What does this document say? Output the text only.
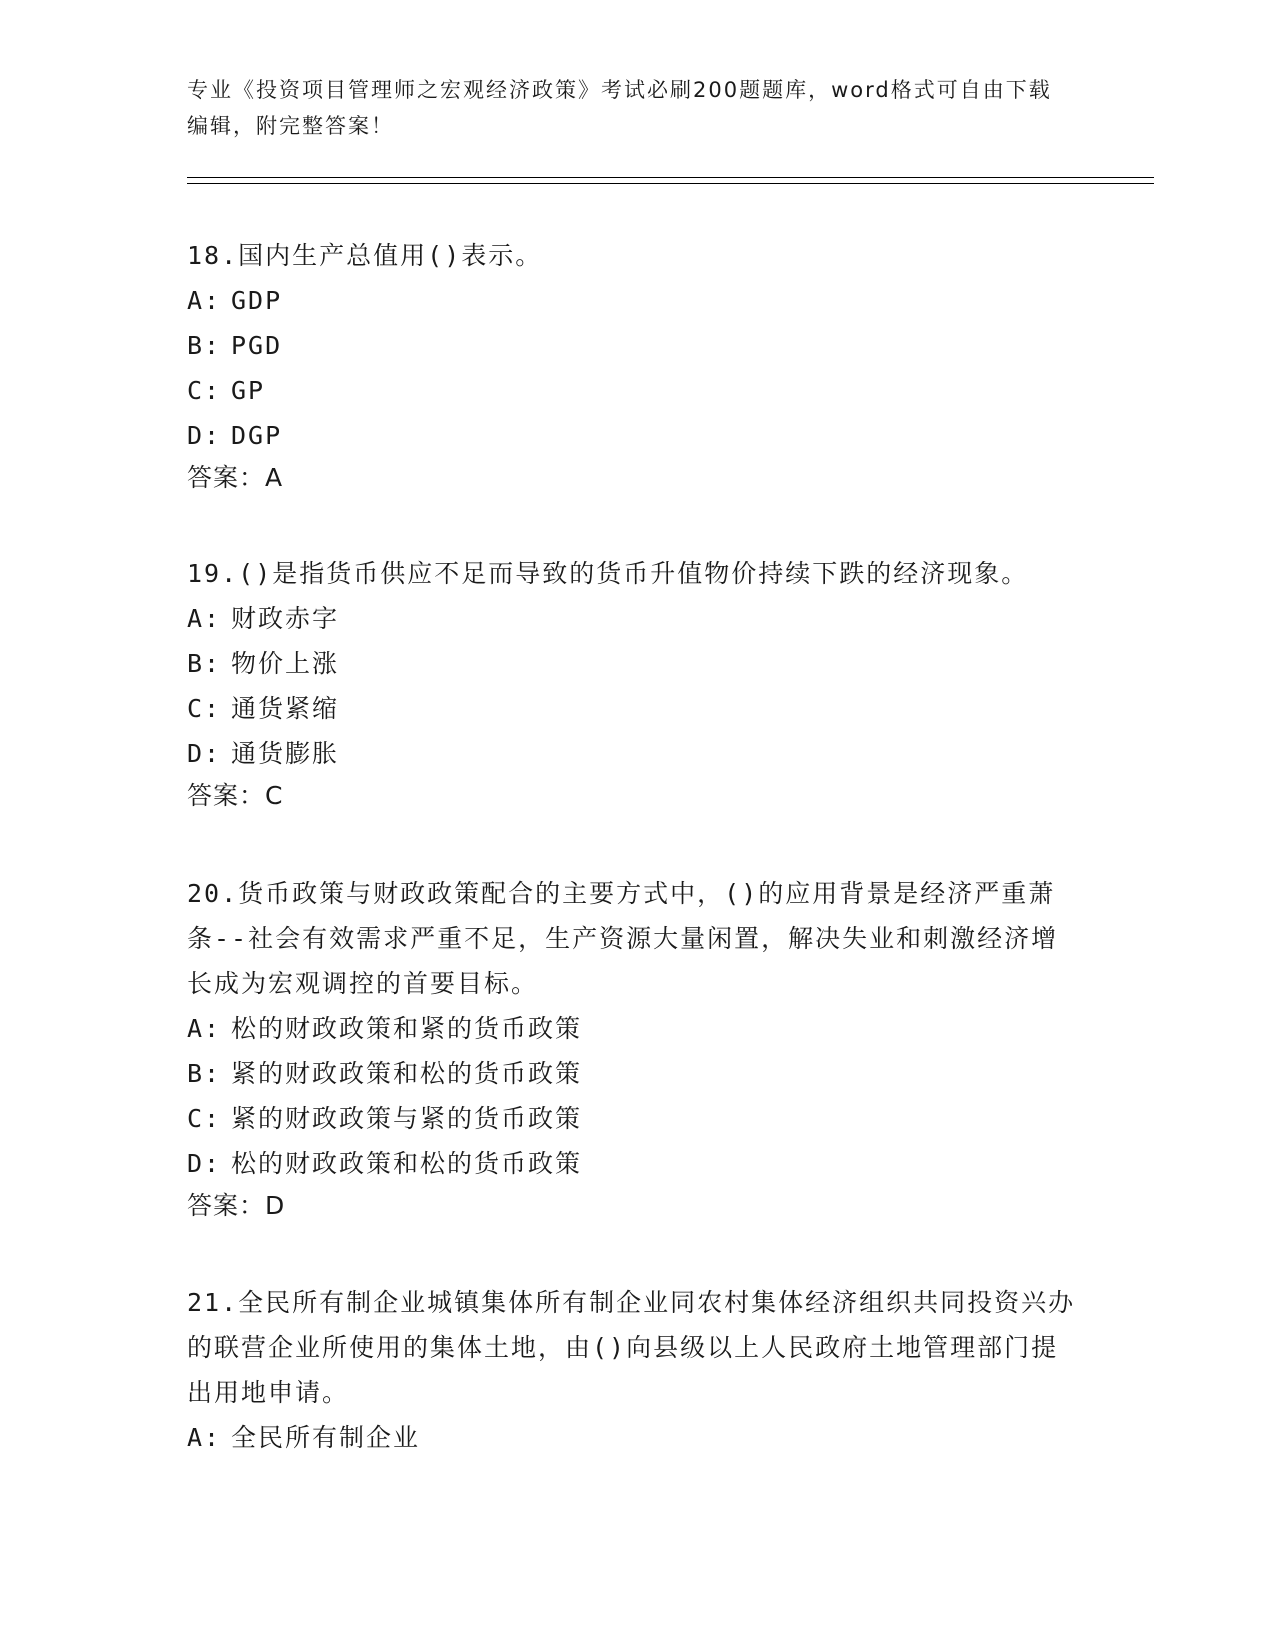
专业《投资项目管理师之宏观经济政策》考试必刷200题题库，word格式可自由下载编辑，附完整答案！

18.国内生产总值用()表示。

A: GDP

B: PGD

C: GP

D: DGP

答案：A

19.()是指货币供应不足而导致的货币升值物价持续下跌的经济现象。

A: 财政赤字

B: 物价上涨

C: 通货紧缩

D: 通货膨胀

答案：C

20.货币政策与财政政策配合的主要方式中，()的应用背景是经济严重萧条--社会有效需求严重不足，生产资源大量闲置，解决失业和刺激经济增长成为宏观调控的首要目标。

A: 松的财政政策和紧的货币政策

B: 紧的财政政策和松的货币政策

C: 紧的财政政策与紧的货币政策

D: 松的财政政策和松的货币政策

答案：D

21.全民所有制企业城镇集体所有制企业同农村集体经济组织共同投资兴办的联营企业所使用的集体土地，由()向县级以上人民政府土地管理部门提出用地申请。

A: 全民所有制企业
